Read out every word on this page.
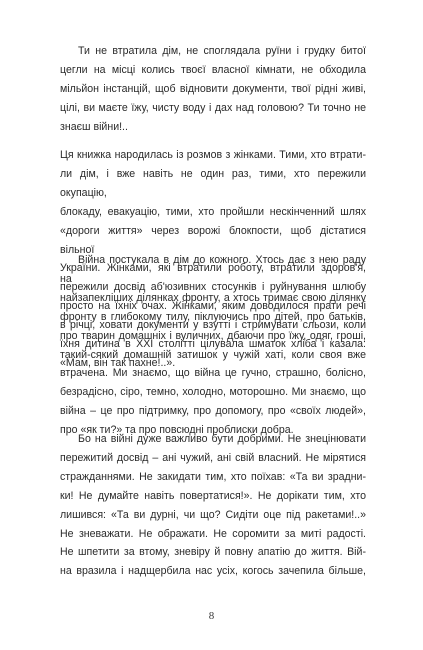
Ти не втратила дім, не споглядала руїни і грудку битої

цегли на місці колись твоєї власної кімнати, не обходила

мільйон інстанцій, щоб відновити документи, твої рідні живі,

цілі, ви маєте їжу, чисту воду і дах над головою? Ти точно не

знаєш війни!..

Ця книжка народилась із розмов з жінками. Тими, хто втрати-

ли дім, і вже навіть не один раз, тими, хто пережили окупацію,

блокаду, евакуацію, тими, хто пройшли нескінченний шлях

«дороги життя» через ворожі блокпости, щоб дістатися вільної

України. Жінками, які втратили роботу, втратили здоров'я,

пережили досвід аб'юзивних стосунків і руйнування шлюбу

просто на їхніх очах. Жінками, яким доводилося прати речі

в річці, ховати документи у взутті і стримувати сльози, коли

їхня дитина в XXI столітті цілувала шматок хліба і казала:

«Мам, він так пахне!..».

Війна постукала в дім до кожного. Хтось дає з нею раду на

найзапекліших ділянках фронту, а хтось тримає свою ділянку

фронту в глибокому тилу, піклуючись про дітей, про батьків,

про тварин домашніх і вуличних, дбаючи про їжу, одяг, гроші,

такий-сякий домашній затишок у чужій хаті, коли своя вже

втрачена. Ми знаємо, що війна це гучно, страшно, болісно,

безрадісно, сіро, темно, холодно, моторошно. Ми знаємо, що

війна – це про підтримку, про допомогу, про «своїх людей»,

про «як ти?» та про повсюдні проблиски добра.

Бо на війні дуже важливо бути добрими. Не знецінювати

пережитий досвід – ані чужий, ані свій власний. Не мірятися

стражданнями. Не закидати тим, хто поїхав: «Та ви зрадни-

ки! Не думайте навіть повертатися!». Не дорікати тим, хто

лишився: «Та ви дурні, чи що? Сидіти оце під ракетами!..»

Не зневажати. Не ображати. Не соромити за миті радості.

Не шпетити за втому, зневіру й повну апатію до життя. Вій-

на вразила і надщербила нас усіх, когось зачепила більше,

8
